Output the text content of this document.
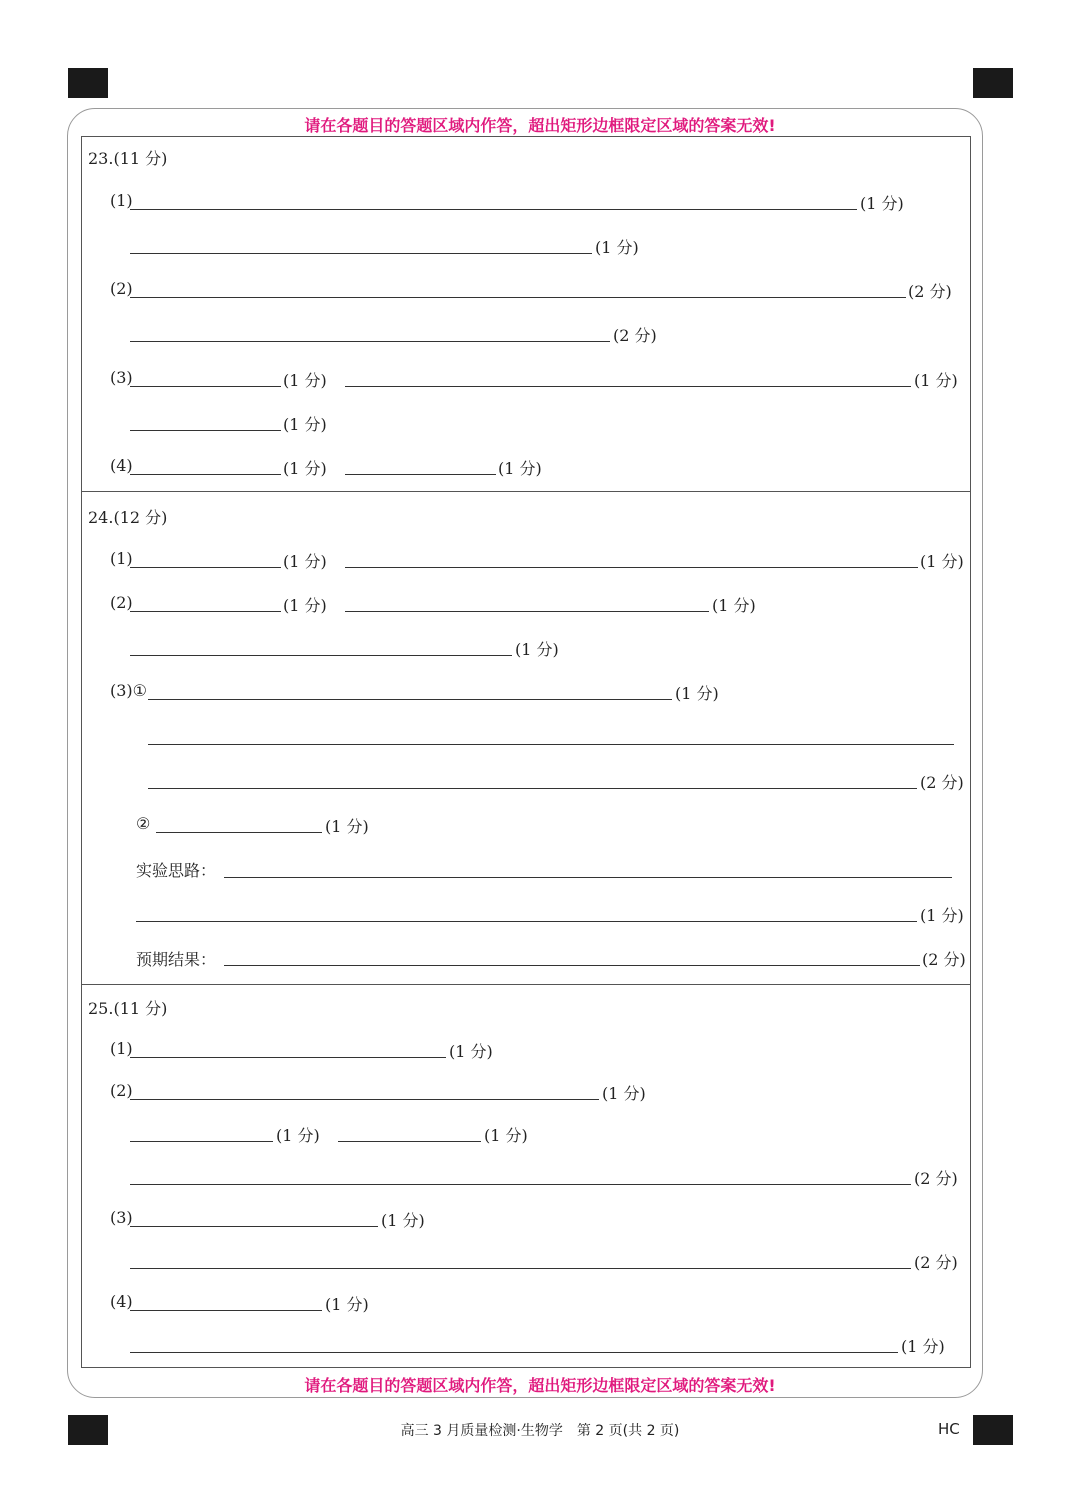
请在各题目的答题区域内作答，超出矩形边框限定区域的答案无效!
请在各题目的答题区域内作答，超出矩形边框限定区域的答案无效!
23.(11 分)
(1)	(1 分)
(1 分)
(2)	(2 分)
(2 分)
(3)	(1 分)	(1 分)
(1 分)
(4)	(1 分)	(1 分)
24.(12 分)
(1)	(1 分)	(1 分)
(2)	(1 分)	(1 分)
(1 分)
(3)①	(1 分)
(2 分)
②	(1 分)
实验思路：
(1 分)
预期结果：	(2 分)
25.(11 分)
(1)	(1 分)
(2)	(1 分)
(1 分)	(1 分)
(2 分)
(3)	(1 分)
(2 分)
(4)	(1 分)
(1 分)
高三 3 月质量检测·生物学　第 2 页(共 2 页)	HC
